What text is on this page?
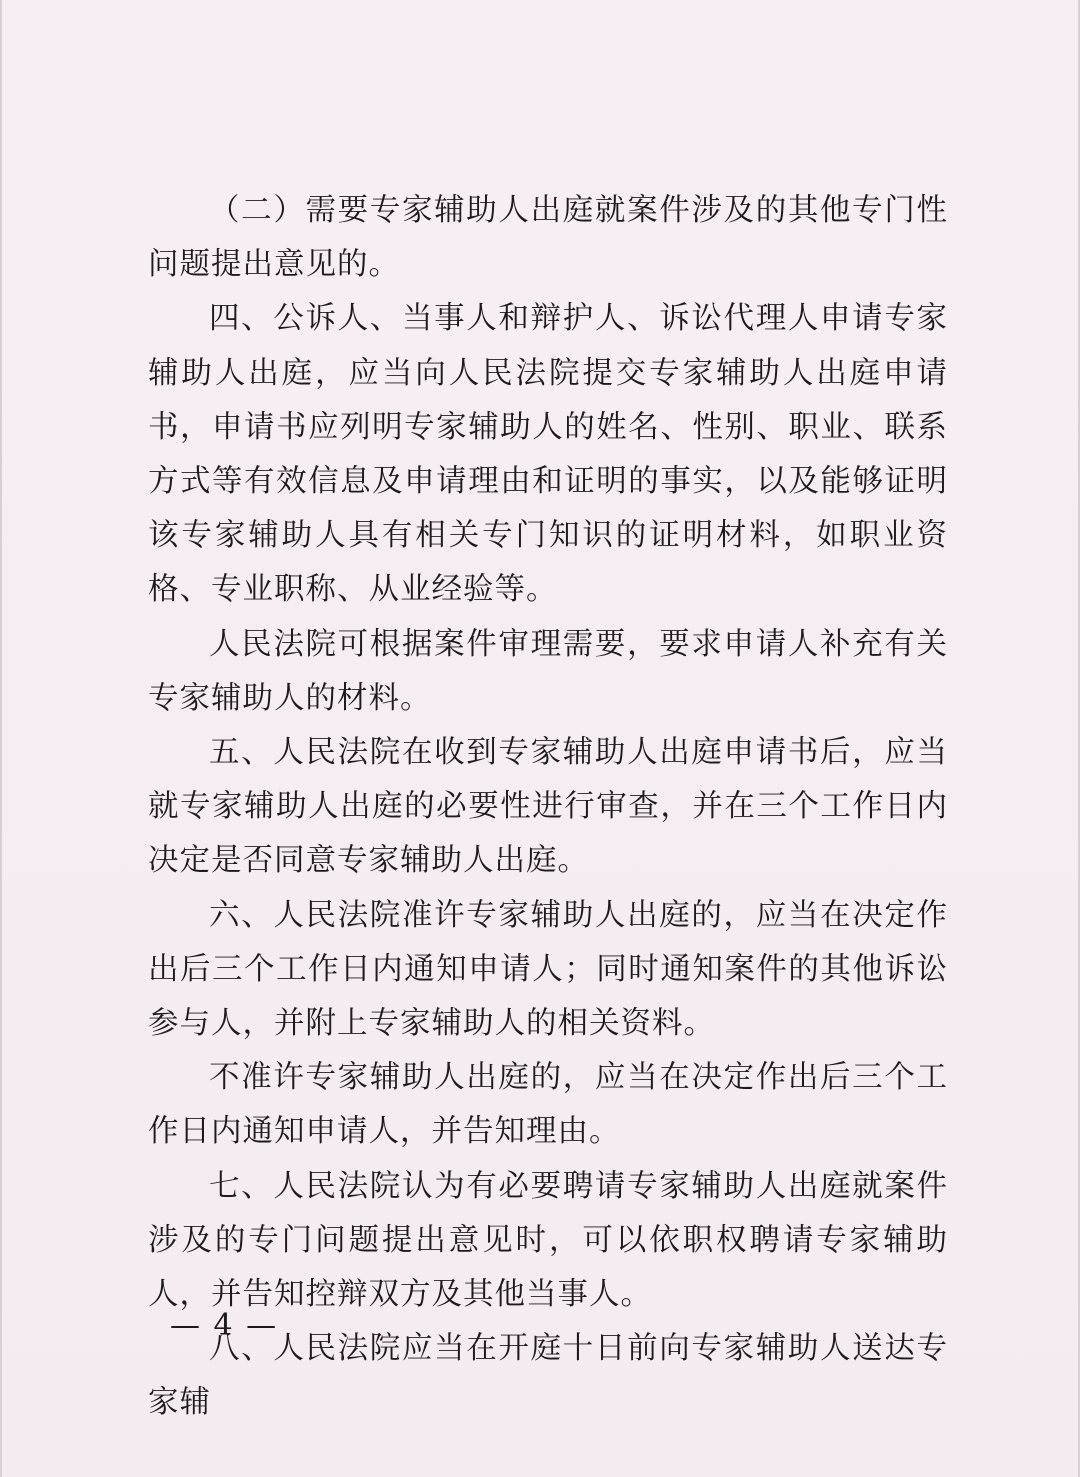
（二）需要专家辅助人出庭就案件涉及的其他专门性问题提出意见的。

四、公诉人、当事人和辩护人、诉讼代理人申请专家辅助人出庭，应当向人民法院提交专家辅助人出庭申请书，申请书应列明专家辅助人的姓名、性别、职业、联系方式等有效信息及申请理由和证明的事实，以及能够证明该专家辅助人具有相关专门知识的证明材料，如职业资格、专业职称、从业经验等。

人民法院可根据案件审理需要，要求申请人补充有关专家辅助人的材料。

五、人民法院在收到专家辅助人出庭申请书后，应当就专家辅助人出庭的必要性进行审查，并在三个工作日内决定是否同意专家辅助人出庭。

六、人民法院准许专家辅助人出庭的，应当在决定作出后三个工作日内通知申请人；同时通知案件的其他诉讼参与人，并附上专家辅助人的相关资料。

不准许专家辅助人出庭的，应当在决定作出后三个工作日内通知申请人，并告知理由。

七、人民法院认为有必要聘请专家辅助人出庭就案件涉及的专门问题提出意见时，可以依职权聘请专家辅助人，并告知控辩双方及其他当事人。

八、人民法院应当在开庭十日前向专家辅助人送达专家辅

— 4 —
